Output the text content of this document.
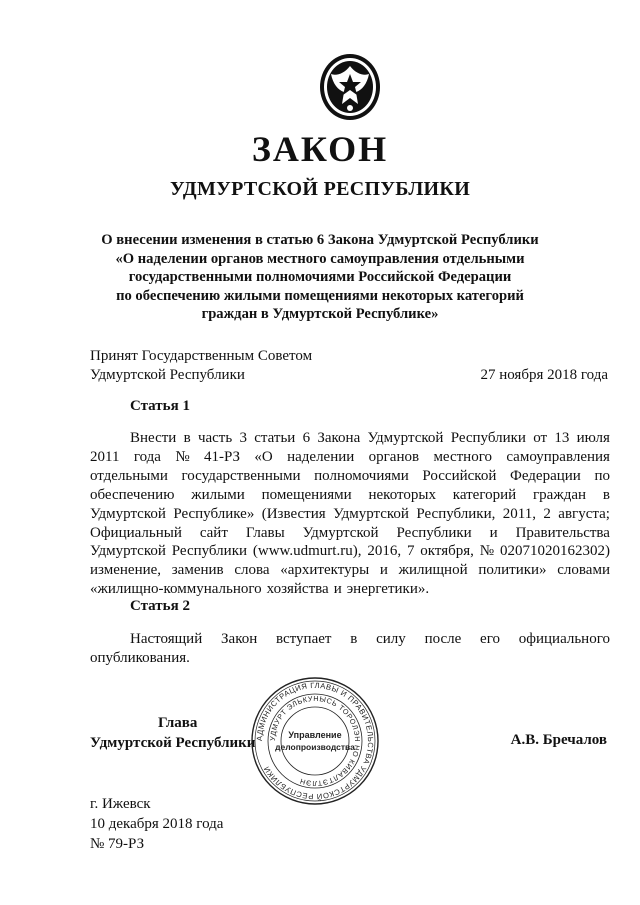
ЗАКОН
УДМУРТСКОЙ РЕСПУБЛИКИ
О внесении изменения в статью 6 Закона Удмуртской Республики
«О наделении органов местного самоуправления отдельными
государственными полномочиями Российской Федерации
по обеспечению жилыми помещениями некоторых категорий
граждан в Удмуртской Республике»
Принят Государственным Советом
Удмуртской Республики	27 ноября 2018 года
Статья 1
Внести в часть 3 статьи 6 Закона Удмуртской Республики от 13 июля
2011 года № 41-РЗ «О наделении органов местного самоуправления
отдельными государственными полномочиями Российской Федерации по
обеспечению жилыми помещениями некоторых категорий граждан в
Удмуртской Республике» (Известия Удмуртской Республики, 2011, 2 августа;
Официальный сайт Главы Удмуртской Республики и Правительства
Удмуртской Республики (www.udmurt.ru), 2016, 7 октября, № 02071020162302)
изменение, заменив слова «архитектуры и жилищной политики» словами
«жилищно-коммунального хозяйства и энергетики».
Статья 2
Настоящий Закон вступает в силу после его официального
опубликования.
Глава
Удмуртской Республики	А.В. Бречалов
АДМИНИСТРАЦИЯ ГЛАВЫ И ПРАВИТЕЛЬСТВА УДМУРТСКОЙ РЕСПУБЛИКИ
УДМУРТ ЭЛЬКУНЫСЬ ТОРОЛЭН НО КИВАЛТЭТЛЭН
Управление
делопроизводства
г. Ижевск
10 декабря 2018 года
№ 79-РЗ
